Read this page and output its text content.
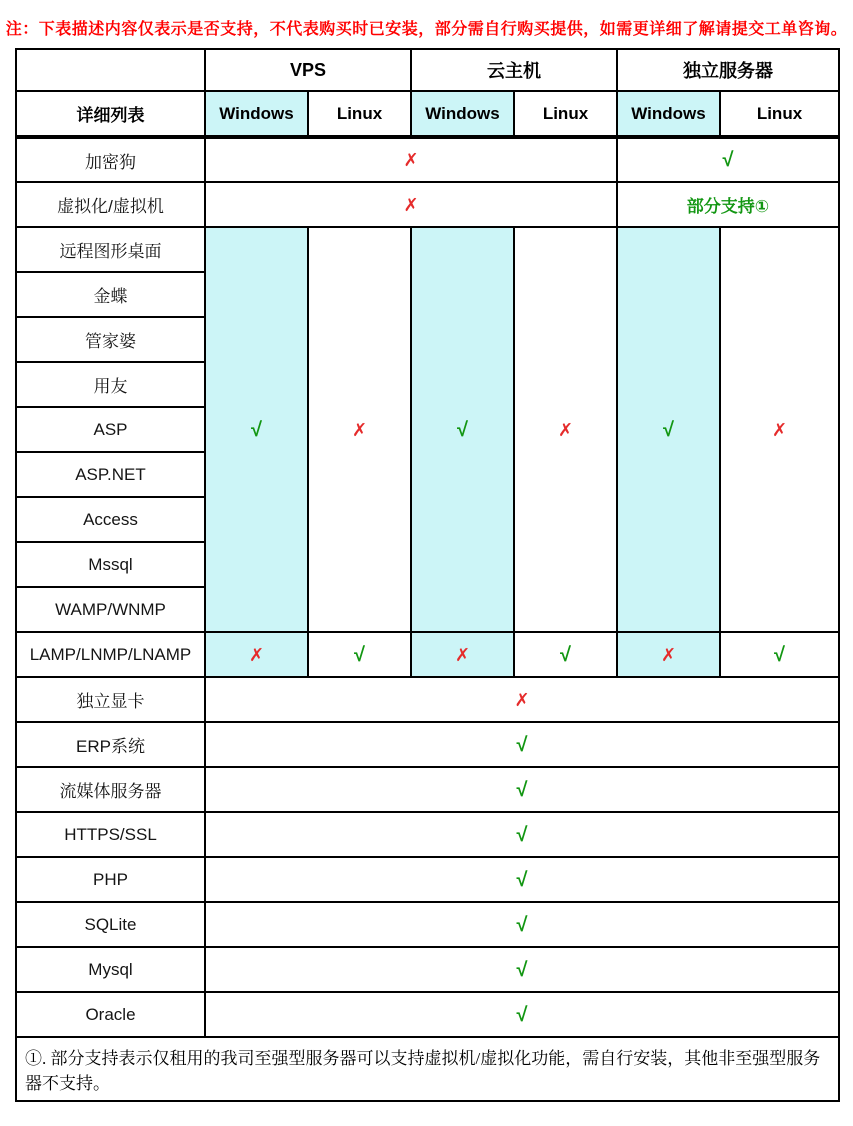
注：下表描述内容仅表示是否支持，不代表购买时已安装，部分需自行购买提供，如需更详细了解请提交工单咨询。
	VPS		云主机		独立服务器	
详细列表	Windows	Linux	Windows	Linux	Windows	Linux
加密狗	✗				√	
虚拟化/虚拟机	✗				部分支持①	
远程图形桌面	√	✗	√	✗	√	✗
金蝶						
管家婆						
用友						
ASP						
ASP.NET						
Access						
Mssql						
WAMP/WNMP						
LAMP/LNMP/LNAMP	✗	√	✗	√	✗	√
独立显卡	✗					
ERP系统	√					
流媒体服务器	√					
HTTPS/SSL	√					
PHP	√					
SQLite	√					
Mysql	√					
Oracle	√					
①. 部分支持表示仅租用的我司至强型服务器可以支持虚拟机/虚拟化功能，需自行安装，其他非至强型服务器不支持。						
